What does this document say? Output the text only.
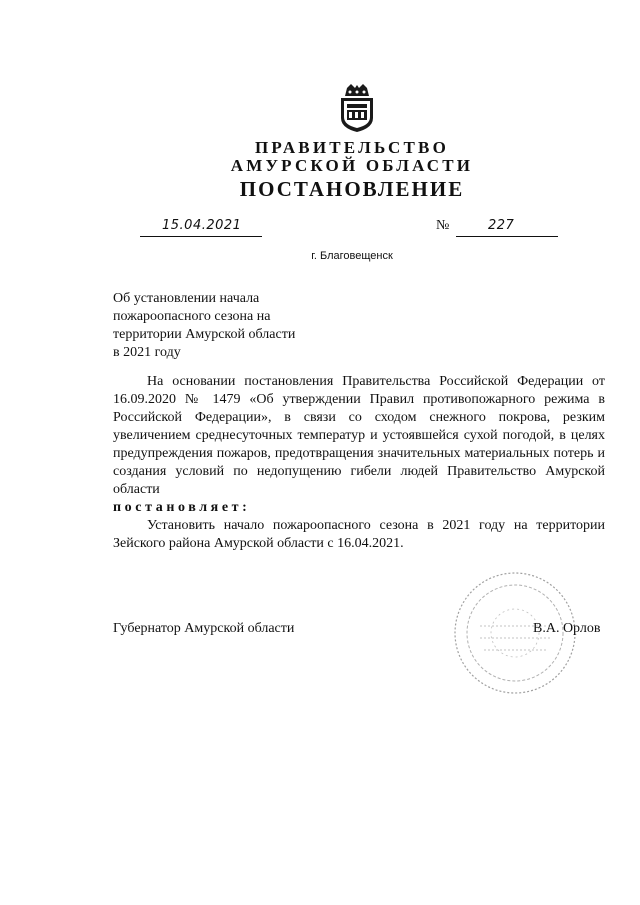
ПРАВИТЕЛЬСТВО
АМУРСКОЙ ОБЛАСТИ
ПОСТАНОВЛЕНИЕ
15.04.2021	№	227
г. Благовещенск
Об установлении начала
пожароопасного сезона на
территории Амурской области
в 2021 году

На основании постановления Правительства Российской Федерации от 16.09.2020 № 1479 «Об утверждении Правил противопожарного режима в Российской Федерации», в связи со сходом снежного покрова, резким увеличением среднесуточных температур и устоявшейся сухой погодой, в целях предупреждения пожаров, предотвращения значительных материальных потерь и создания условий по недопущению гибели людей Правительство Амурской области

постановляет:

Установить начало пожароопасного сезона в 2021 году на территории Зейского района Амурской области с 16.04.2021.

Губернатор Амурской области	В.А. Орлов
